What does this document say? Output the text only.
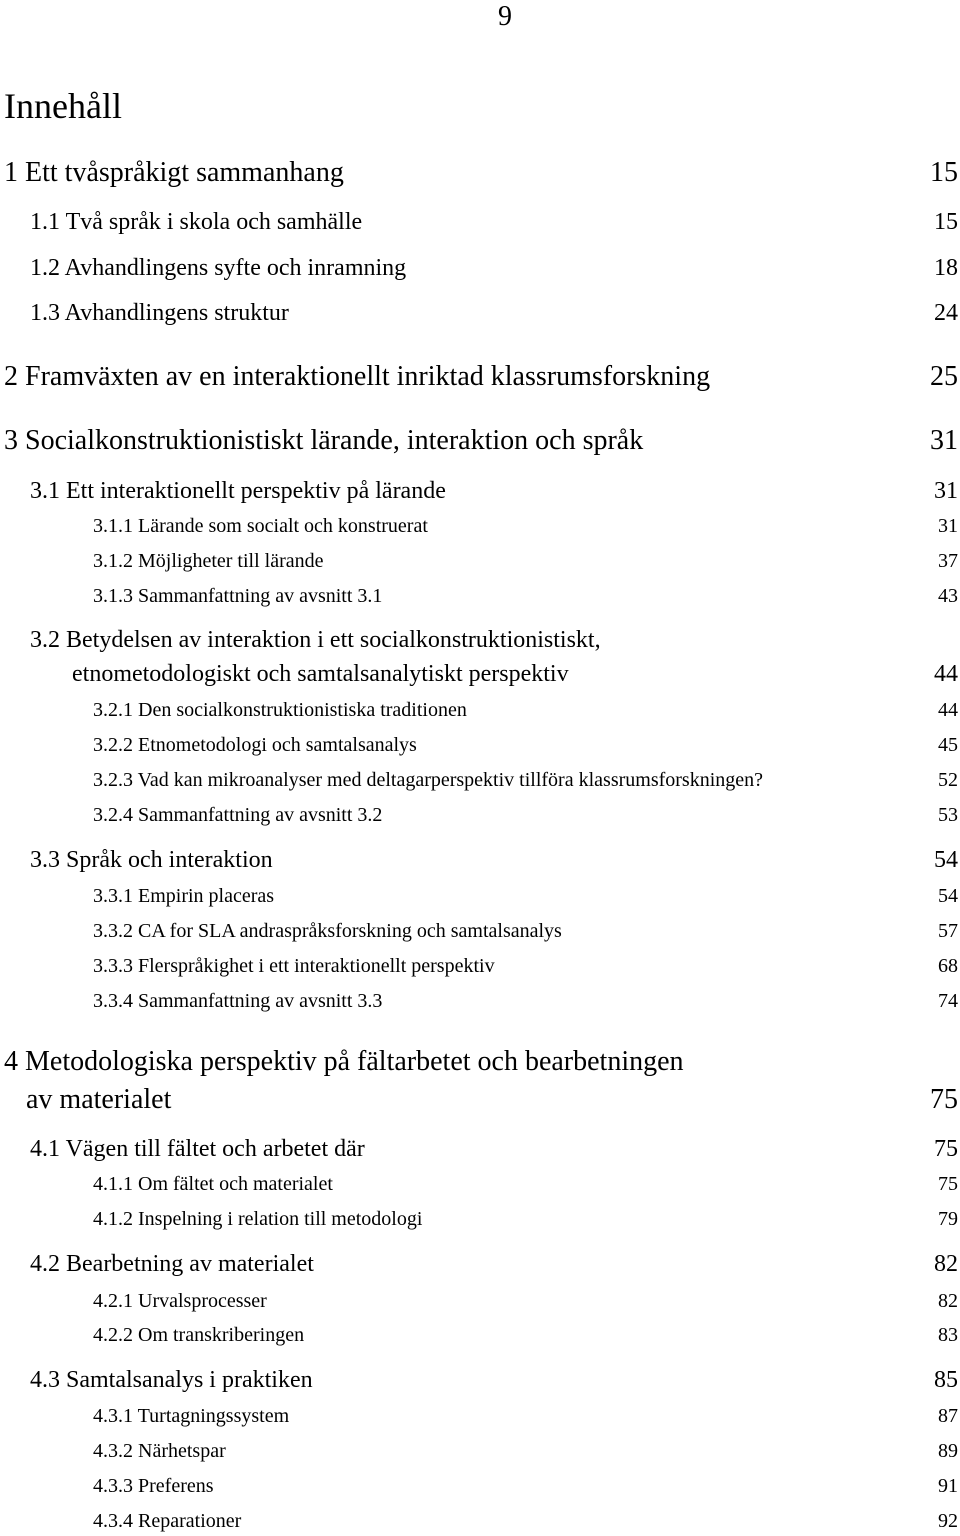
9
Innehåll
1 Ett tvåspråkigt sammanhang	15
1.1 Två språk i skola och samhälle	15
1.2 Avhandlingens syfte och inramning	18
1.3 Avhandlingens struktur	24
2 Framväxten av en interaktionellt inriktad klassrumsforskning	25
3 Socialkonstruktionistiskt lärande, interaktion och språk	31
3.1 Ett interaktionellt perspektiv på lärande	31
3.1.1 Lärande som socialt och konstruerat	31
3.1.2 Möjligheter till lärande	37
3.1.3 Sammanfattning av avsnitt 3.1	43
3.2 Betydelsen av interaktion i ett socialkonstruktionistiskt,
etnometodologiskt och samtalsanalytiskt perspektiv	44
3.2.1 Den socialkonstruktionistiska traditionen	44
3.2.2 Etnometodologi och samtalsanalys	45
3.2.3 Vad kan mikroanalyser med deltagarperspektiv tillföra klassrumsforskningen?	52
3.2.4 Sammanfattning av avsnitt 3.2	53
3.3 Språk och interaktion	54
3.3.1 Empirin placeras	54
3.3.2 CA for SLA andraspråksforskning och samtalsanalys	57
3.3.3 Flerspråkighet i ett interaktionellt perspektiv	68
3.3.4 Sammanfattning av avsnitt 3.3	74
4 Metodologiska perspektiv på fältarbetet och bearbetningen
av materialet	75
4.1 Vägen till fältet och arbetet där	75
4.1.1 Om fältet och materialet	75
4.1.2 Inspelning i relation till metodologi	79
4.2 Bearbetning av materialet	82
4.2.1 Urvalsprocesser	82
4.2.2 Om transkriberingen	83
4.3 Samtalsanalys i praktiken	85
4.3.1 Turtagningssystem	87
4.3.2 Närhetspar	89
4.3.3 Preferens	91
4.3.4 Reparationer	92
